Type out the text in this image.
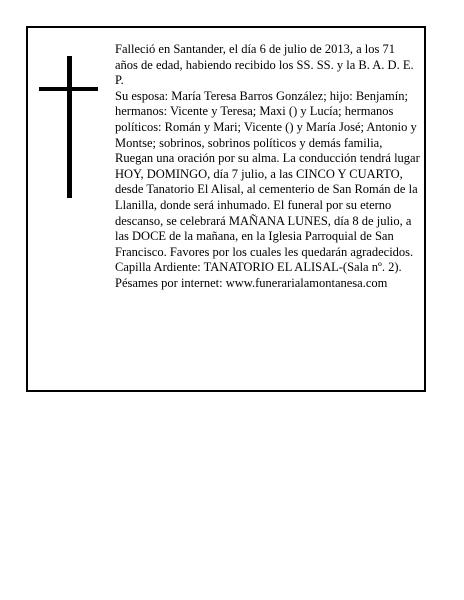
Falleció en Santander, el día 6 de julio de 2013, a los 71 años de edad, habiendo recibido los SS. SS. y la B. A. D. E. P.

Su esposa: María Teresa Barros González; hijo: Benjamín; hermanos: Vicente y Teresa; Maxi () y Lucía; hermanos políticos: Román y Mari; Vicente () y María José; Antonio y Montse; sobrinos, sobrinos políticos y demás familia,

Ruegan una oración por su alma. La conducción tendrá lugar HOY, DOMINGO, día 7 julio, a las CINCO Y CUARTO, desde Tanatorio El Alisal, al cementerio de San Román de la Llanilla, donde será inhumado. El funeral por su eterno descanso, se celebrará MAÑANA LUNES, día 8 de julio, a las DOCE de la mañana, en la Iglesia Parroquial de San Francisco. Favores por los cuales les quedarán agradecidos. Capilla Ardiente: TANATORIO EL ALISAL-(Sala nº. 2).

Pésames por internet: www.funerarialamontanesa.com
